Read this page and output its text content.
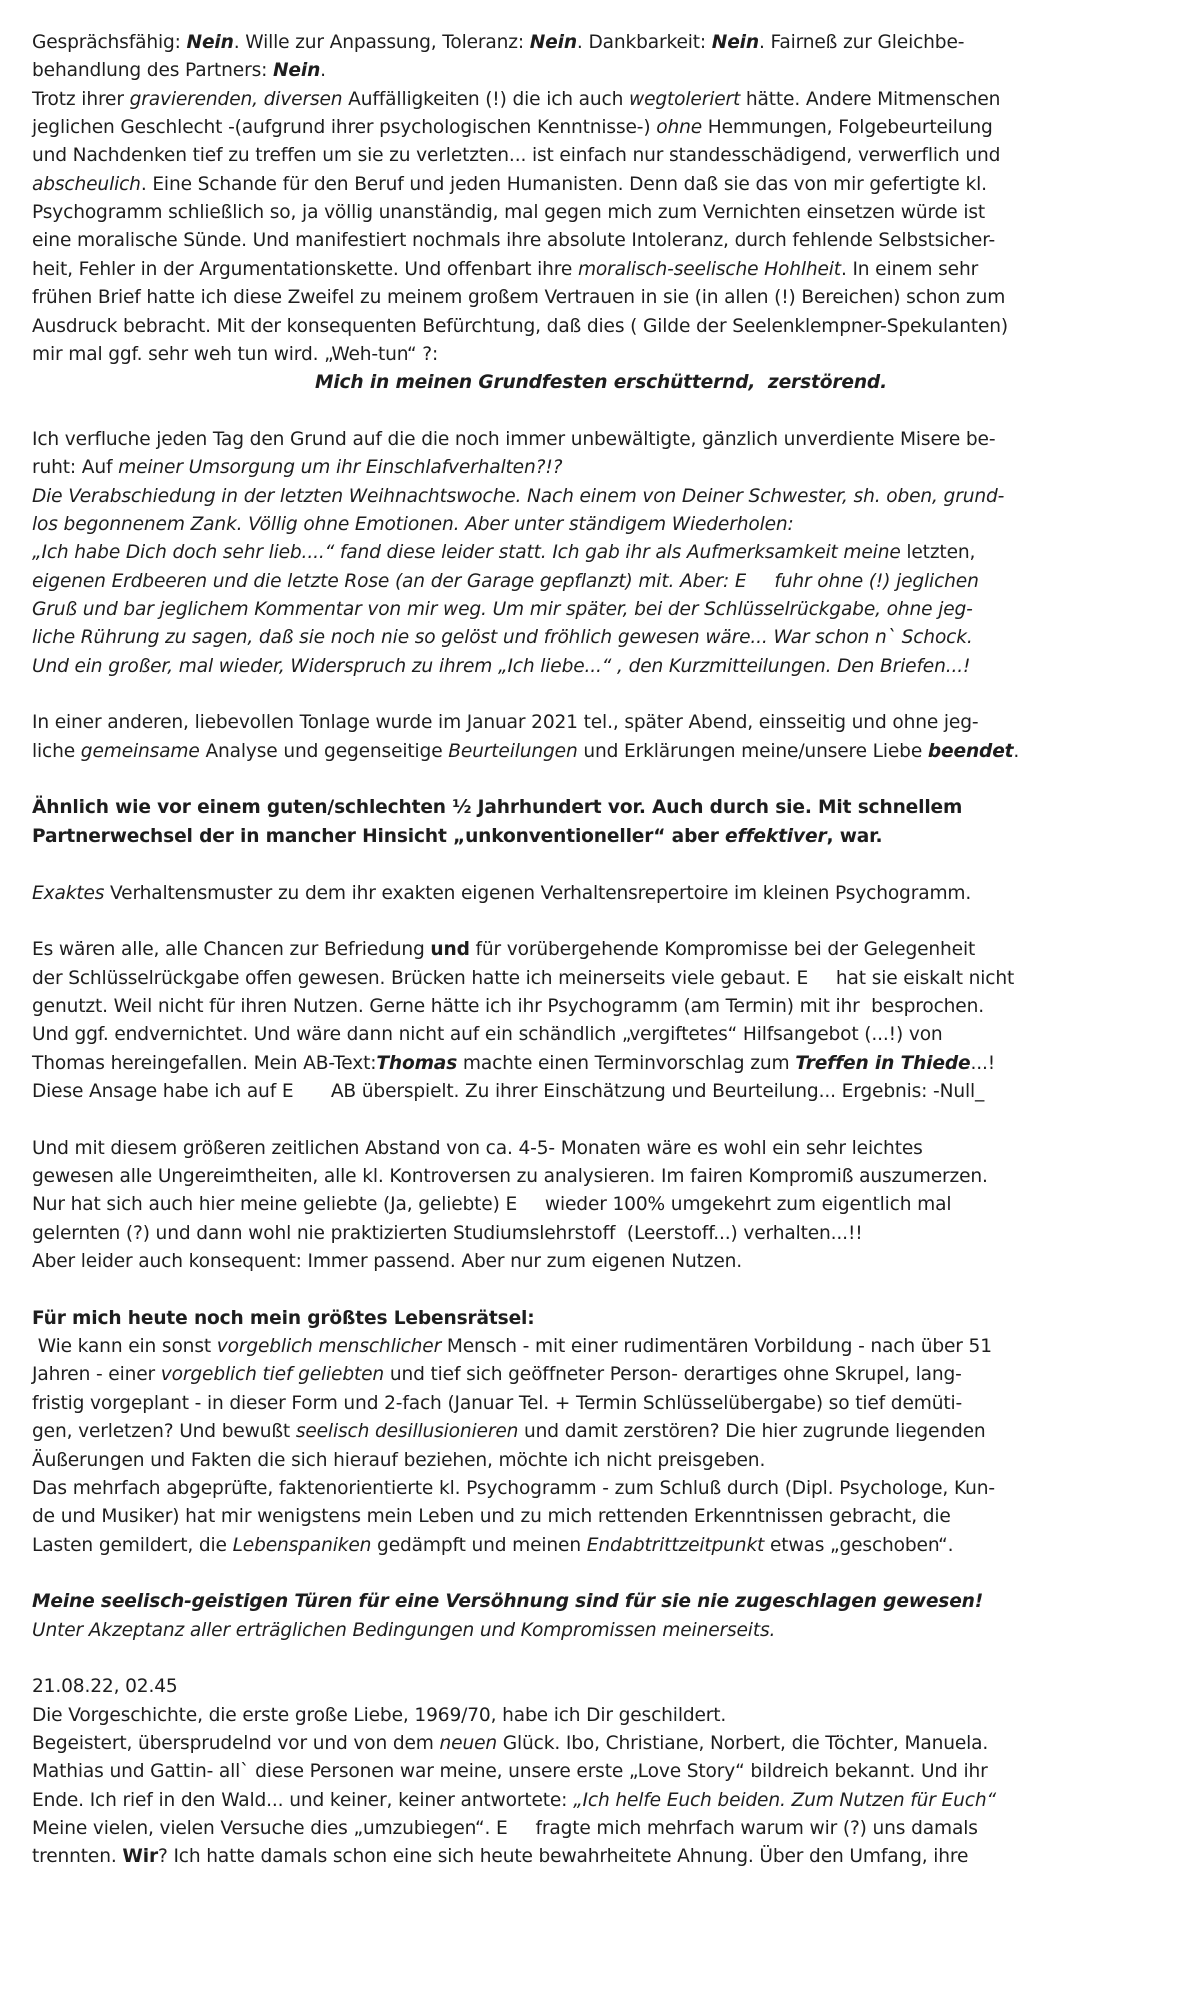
Gesprächsfähig: Nein. Wille zur Anpassung, Toleranz: Nein. Dankbarkeit: Nein. Fairneß zur Gleichbe-
behandlung des Partners: Nein.
Trotz ihrer gravierenden, diversen Auffälligkeiten (!) die ich auch wegtoleriert hätte. Andere Mitmenschen
jeglichen Geschlecht -(aufgrund ihrer psychologischen Kenntnisse-) ohne Hemmungen, Folgebeurteilung
und Nachdenken tief zu treffen um sie zu verletzten... ist einfach nur standesschädigend, verwerflich und
abscheulich. Eine Schande für den Beruf und jeden Humanisten. Denn daß sie das von mir gefertigte kl.
Psychogramm schließlich so, ja völlig unanständig, mal gegen mich zum Vernichten einsetzen würde ist
eine moralische Sünde. Und manifestiert nochmals ihre absolute Intoleranz, durch fehlende Selbstsicher-
heit, Fehler in der Argumentationskette. Und offenbart ihre moralisch-seelische Hohlheit. In einem sehr
frühen Brief hatte ich diese Zweifel zu meinem großem Vertrauen in sie (in allen (!) Bereichen) schon zum
Ausdruck bebracht. Mit der konsequenten Befürchtung, daß dies ( Gilde der Seelenklempner-Spekulanten)
mir mal ggf. sehr weh tun wird. „Weh-tun“ ?:
Mich in meinen Grundfesten erschütternd,  zerstörend.
Ich verfluche jeden Tag den Grund auf die die noch immer unbewältigte, gänzlich unverdiente Misere be-
ruht: Auf meiner Umsorgung um ihr Einschlafverhalten?!?
Die Verabschiedung in der letzten Weihnachtswoche. Nach einem von Deiner Schwester, sh. oben, grund-
los begonnenem Zank. Völlig ohne Emotionen. Aber unter ständigem Wiederholen:
„Ich habe Dich doch sehr lieb....“ fand diese leider statt. Ich gab ihr als Aufmerksamkeit meine letzten,
eigenen Erdbeeren und die letzte Rose (an der Garage gepflanzt) mit. Aber: E fuhr ohne (!) jeglichen
Gruß und bar jeglichem Kommentar von mir weg. Um mir später, bei der Schlüsselrückgabe, ohne jeg-
liche Rührung zu sagen, daß sie noch nie so gelöst und fröhlich gewesen wäre... War schon n` Schock.
Und ein großer, mal wieder, Widerspruch zu ihrem „Ich liebe...“ , den Kurzmitteilungen. Den Briefen...!
In einer anderen, liebevollen Tonlage wurde im Januar 2021 tel., später Abend, einsseitig und ohne jeg-
liche gemeinsame Analyse und gegenseitige Beurteilungen und Erklärungen meine/unsere Liebe beendet.
Ähnlich wie vor einem guten/schlechten ½ Jahrhundert vor. Auch durch sie. Mit schnellem
Partnerwechsel der in mancher Hinsicht „unkonventioneller“ aber effektiver, war.
Exaktes Verhaltensmuster zu dem ihr exakten eigenen Verhaltensrepertoire im kleinen Psychogramm.
Es wären alle, alle Chancen zur Befriedung und für vorübergehende Kompromisse bei der Gelegenheit
der Schlüsselrückgabe offen gewesen. Brücken hatte ich meinerseits viele gebaut. E hat sie eiskalt nicht
genutzt. Weil nicht für ihren Nutzen. Gerne hätte ich ihr Psychogramm (am Termin) mit ihr  besprochen.
Und ggf. endvernichtet. Und wäre dann nicht auf ein schändlich „vergiftetes“ Hilfsangebot (...!) von
Thomas hereingefallen. Mein AB-Text:Thomas machte einen Terminvorschlag zum Treffen in Thiede...!
Diese Ansage habe ich auf E AB überspielt. Zu ihrer Einschätzung und Beurteilung... Ergebnis: -Null_
Und mit diesem größeren zeitlichen Abstand von ca. 4-5- Monaten wäre es wohl ein sehr leichtes
gewesen alle Ungereimtheiten, alle kl. Kontroversen zu analysieren. Im fairen Kompromiß auszumerzen.
Nur hat sich auch hier meine geliebte (Ja, geliebte) E wieder 100% umgekehrt zum eigentlich mal
gelernten (?) und dann wohl nie praktizierten Studiumslehrstoff  (Leerstoff...) verhalten...!!
Aber leider auch konsequent: Immer passend. Aber nur zum eigenen Nutzen.
Für mich heute noch mein größtes Lebensrätsel:
Wie kann ein sonst vorgeblich menschlicher Mensch - mit einer rudimentären Vorbildung - nach über 51
Jahren - einer vorgeblich tief geliebten und tief sich geöffneter Person- derartiges ohne Skrupel, lang-
fristig vorgeplant - in dieser Form und 2-fach (Januar Tel. + Termin Schlüsselübergabe) so tief demüti-
gen, verletzen? Und bewußt seelisch desillusionieren und damit zerstören? Die hier zugrunde liegenden
Äußerungen und Fakten die sich hierauf beziehen, möchte ich nicht preisgeben.
Das mehrfach abgeprüfte, faktenorientierte kl. Psychogramm - zum Schluß durch (Dipl. Psychologe, Kun-
de und Musiker) hat mir wenigstens mein Leben und zu mich rettenden Erkenntnissen gebracht, die
Lasten gemildert, die Lebenspaniken gedämpft und meinen Endabtrittzeitpunkt etwas „geschoben“.
Meine seelisch-geistigen Türen für eine Versöhnung sind für sie nie zugeschlagen gewesen!
Unter Akzeptanz aller erträglichen Bedingungen und Kompromissen meinerseits.
21.08.22, 02.45
Die Vorgeschichte, die erste große Liebe, 1969/70, habe ich Dir geschildert.
Begeistert, übersprudelnd vor und von dem neuen Glück. Ibo, Christiane, Norbert, die Töchter, Manuela.
Mathias und Gattin- all` diese Personen war meine, unsere erste „Love Story“ bildreich bekannt. Und ihr
Ende. Ich rief in den Wald... und keiner, keiner antwortete: „Ich helfe Euch beiden. Zum Nutzen für Euch“
Meine vielen, vielen Versuche dies „umzubiegen“. E fragte mich mehrfach warum wir (?) uns damals
trennten. Wir? Ich hatte damals schon eine sich heute bewahrheitete Ahnung. Über den Umfang, ihre
